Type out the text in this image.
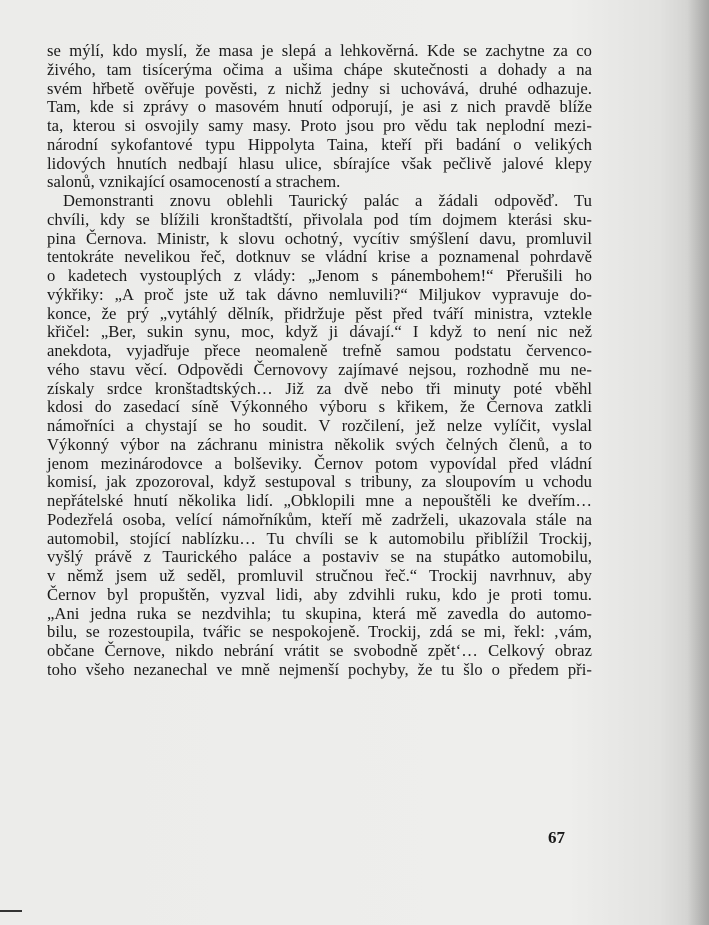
se mýlí, kdo myslí, že masa je slepá a lehkověrná. Kde se zachytne za co
živého, tam tisícerýma očima a ušima chápe skutečnosti a dohady a na
svém hřbetě ověřuje pověsti, z nichž jedny si uchovává, druhé odhazuje.
Tam, kde si zprávy o masovém hnutí odporují, je asi z nich pravdě blíže
ta, kterou si osvojily samy masy. Proto jsou pro vědu tak neplodní mezi-
národní sykofantové typu Hippolyta Taina, kteří při badání o velikých
lidových hnutích nedbají hlasu ulice, sbírajíce však pečlivě jalové klepy
salonů, vznikající osamoceností a strachem.
Demonstranti znovu oblehli Taurický palác a žádali odpověď. Tu
chvíli, kdy se blížili kronštadtští, přivolala pod tím dojmem kterási sku-
pina Černova. Ministr, k slovu ochotný, vycítiv smýšlení davu, promluvil
tentokráte nevelikou řeč, dotknuv se vládní krise a poznamenal pohrdavě
o kadetech vystouplých z vlády: „Jenom s pánembohem!“ Přerušili ho
výkřiky: „A proč jste už tak dávno nemluvili?“ Miljukov vypravuje do-
konce, že prý „vytáhlý dělník, přidržuje pěst před tváří ministra, vztekle
křičel: „Ber, sukin synu, moc, když ji dávají.“ I když to není nic než
anekdota, vyjadřuje přece neomaleně trefně samou podstatu červenco-
vého stavu věcí. Odpovědi Černovovy zajímavé nejsou, rozhodně mu ne-
získaly srdce kronštadtských… Již za dvě nebo tři minuty poté vběhl
kdosi do zasedací síně Výkonného výboru s křikem, že Černova zatkli
námořníci a chystají se ho soudit. V rozčilení, jež nelze vylíčit, vyslal
Výkonný výbor na záchranu ministra několik svých čelných členů, a to
jenom mezinárodovce a bolševiky. Černov potom vypovídal před vládní
komisí, jak zpozoroval, když sestupoval s tribuny, za sloupovím u vchodu
nepřátelské hnutí několika lidí. „Obklopili mne a nepouštěli ke dveřím…
Podezřelá osoba, velící námořníkům, kteří mě zadrželi, ukazovala stále na
automobil, stojící nablízku… Tu chvíli se k automobilu přiblížil Trockij,
vyšlý právě z Taurického paláce a postaviv se na stupátko automobilu,
v němž jsem už seděl, promluvil stručnou řeč.“ Trockij navrhnuv, aby
Černov byl propuštěn, vyzval lidi, aby zdvihli ruku, kdo je proti tomu.
„Ani jedna ruka se nezdvihla; tu skupina, která mě zavedla do automo-
bilu, se rozestoupila, tvářic se nespokojeně. Trockij, zdá se mi, řekl: ‚vám,
občane Černove, nikdo nebrání vrátit se svobodně zpět‘… Celkový obraz
toho všeho nezanechal ve mně nejmenší pochyby, že tu šlo o předem při-
67
